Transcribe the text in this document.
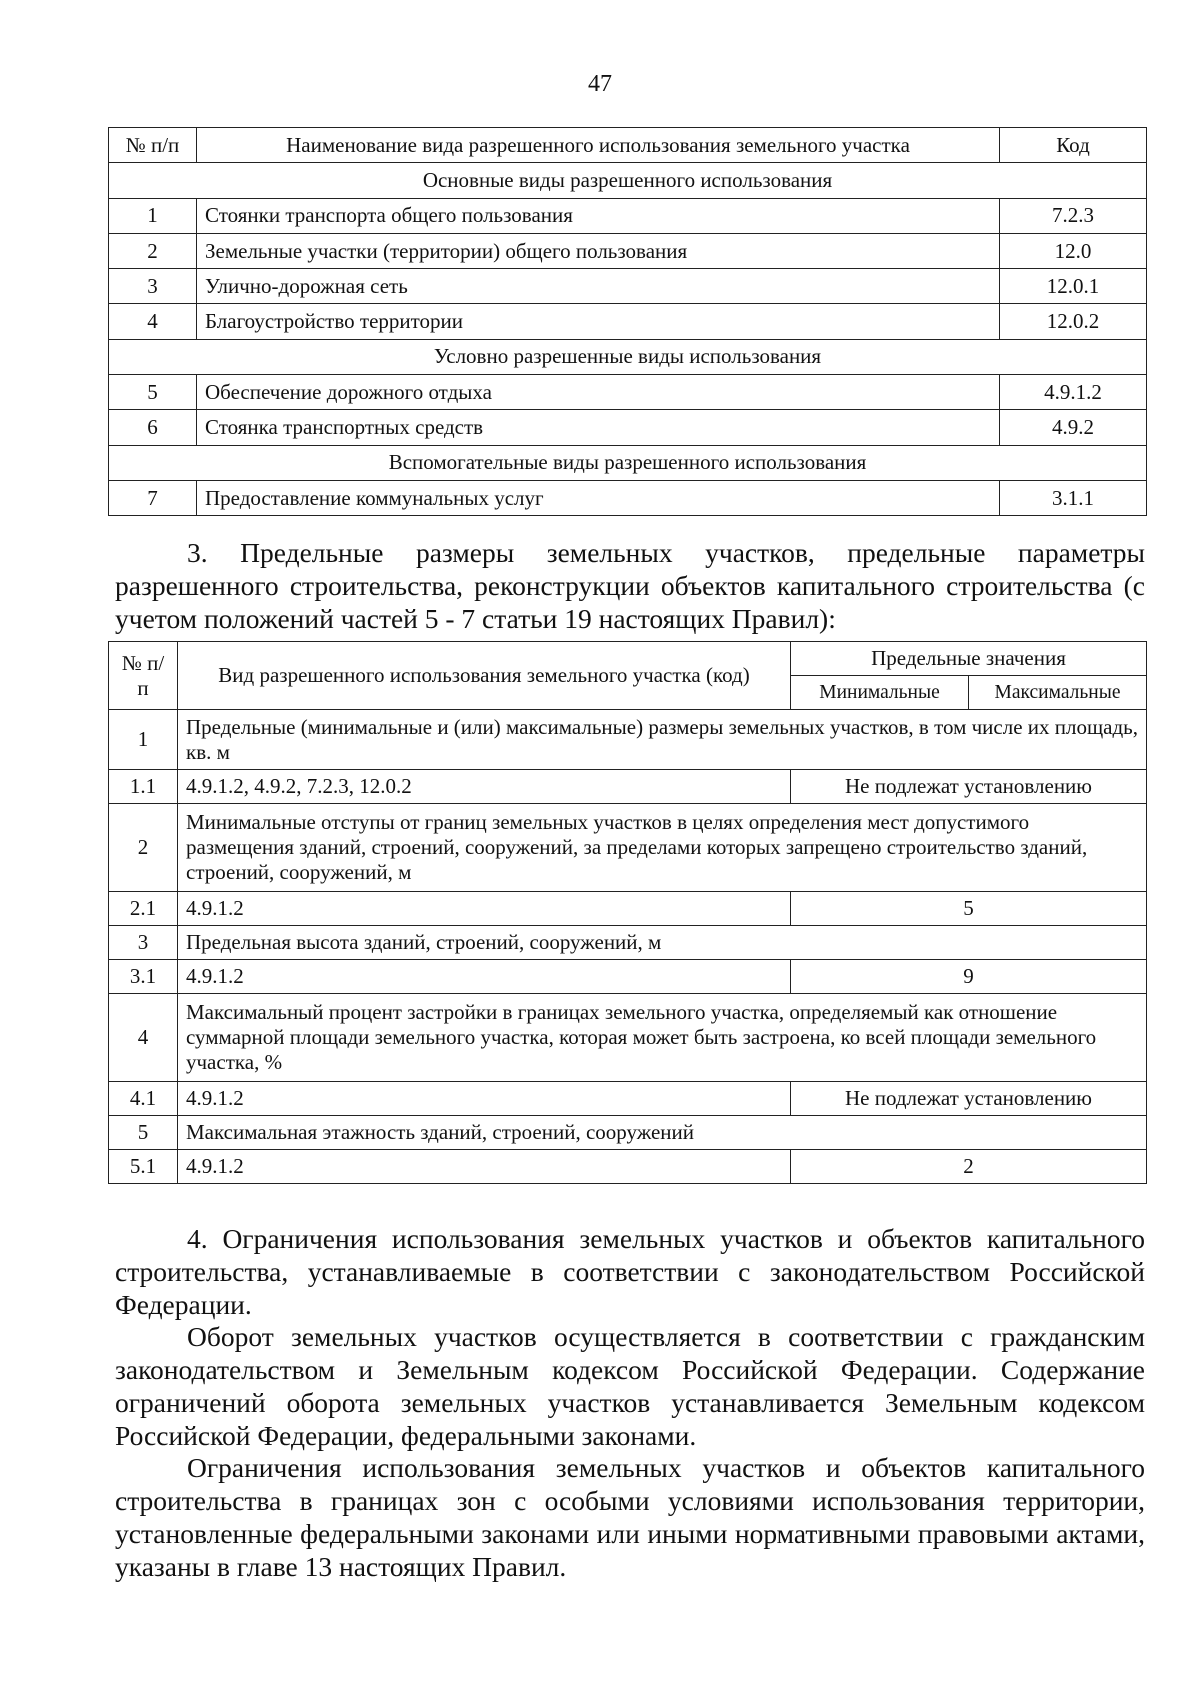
47
№ п/п	Наименование вида разрешенного использования земельного участка	Код
Основные виды разрешенного использования		
1	Стоянки транспорта общего пользования	7.2.3
2	Земельные участки (территории) общего пользования	12.0
3	Улично-дорожная сеть	12.0.1
4	Благоустройство территории	12.0.2
Условно разрешенные виды использования		
5	Обеспечение дорожного отдыха	4.9.1.2
6	Стоянка транспортных средств	4.9.2
Вспомогательные виды разрешенного использования		
7	Предоставление коммунальных услуг	3.1.1
3. Предельные размеры земельных участков, предельные параметры разрешенного строительства, реконструкции объектов капитального строительства (с учетом положений частей 5 - 7 статьи 19 настоящих Правил):
№ п/п	Вид разрешенного использования земельного участка (код)	Предельные значения	
		Минимальные	Максимальные
1	Предельные (минимальные и (или) максимальные) размеры земельных участков, в том числе их площадь, кв. м		
1.1	4.9.1.2, 4.9.2, 7.2.3, 12.0.2	Не подлежат установлению	
2	Минимальные отступы от границ земельных участков в целях определения мест допустимого размещения зданий, строений, сооружений, за пределами которых запрещено строительство зданий, строений, сооружений, м		
2.1	4.9.1.2	5	
3	Предельная высота зданий, строений, сооружений, м		
3.1	4.9.1.2	9	
4	Максимальный процент застройки в границах земельного участка, определяемый как отношение суммарной площади земельного участка, которая может быть застроена, ко всей площади земельного участка, %		
4.1	4.9.1.2	Не подлежат установлению	
5	Максимальная этажность зданий, строений, сооружений		
5.1	4.9.1.2	2	
4. Ограничения использования земельных участков и объектов капитального строительства, устанавливаемые в соответствии с законодательством Российской Федерации.
Оборот земельных участков осуществляется в соответствии с гражданским законодательством и Земельным кодексом Российской Федерации. Содержание ограничений оборота земельных участков устанавливается Земельным кодексом Российской Федерации, федеральными законами.
Ограничения использования земельных участков и объектов капитального строительства в границах зон с особыми условиями использования территории, установленные федеральными законами или иными нормативными правовыми актами, указаны в главе 13 настоящих Правил.
